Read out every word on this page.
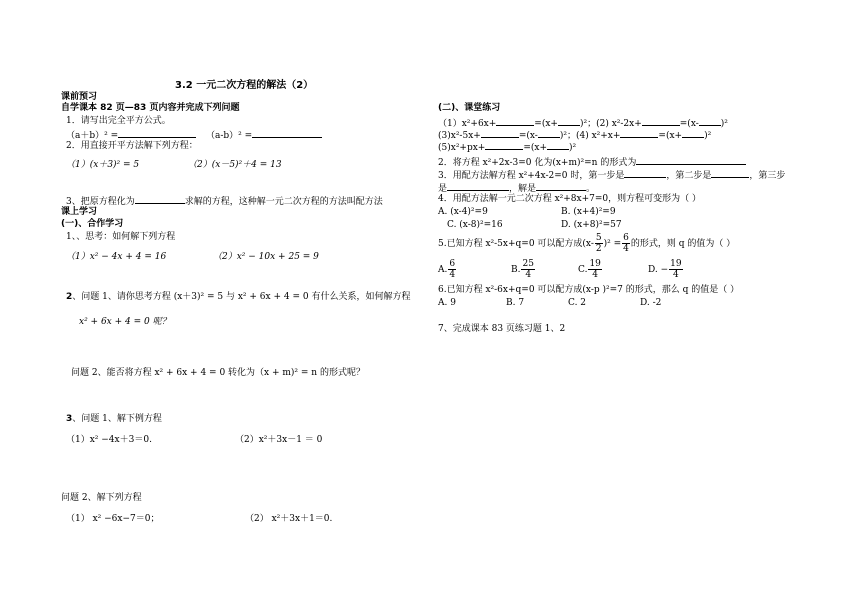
3.2 一元二次方程的解法（2）
课前预习
自学课本 82 页—83 页内容并完成下列问题
1．请写出完全平方公式。
（a＋b）² =	（a-b）² =
2．用直接开平方法解下列方程：
（1）(x＋3)² = 5	（2）(x－5)²＋4 = 13
3、把原方程化为	求解的方程，这种解一元二次方程的方法叫配方法
课上学习
(一)、合作学习
1、、思考：如何解下列方程
（1）x² − 4x + 4 = 16	（2）x² − 10x + 25 = 9
2、问题 1、请你思考方程 (x＋3)² = 5 与 x² + 6x + 4 = 0 有什么关系，如何解方程
x² + 6x + 4 = 0 呢？
问题 2、能否将方程 x² + 6x + 4 = 0 转化为（x + m)² = n 的形式呢？
3、问题 1、解下例方程
（1）x² −4x＋3＝0.	（2）x²＋3x－1 ＝ 0
问题 2、解下列方程
（1） x² −6x−7＝0；	（2） x²＋3x＋1＝0.
(二)、课堂练习
（1）x²+6x+	=(x+ )²；(2) x²-2x+	=(x- )²
(3)x²-5x+	=(x- )²；(4) x²+x+	=(x+ )²
(5)x²+px+	=(x+ )²
2．将方程 x²+2x-3=0 化为(x+m)²=n 的形式为
3．用配方法解方程 x²+4x-2=0 时，第一步是	，第二步是	，第三步
是	，解是	。
4．用配方法解一元二次方程 x²+8x+7=0，则方程可变形为（ ）
A. (x-4)²=9	B. (x+4)²=9
C. (x-8)²=16	D. (x+8)²=57
5.已知方程 x²-5x+q=0 可以配方成$(x- \frac{5}{2} )^2 = \frac{6}{4}$ 的形式，则 q 的值为（ ）
A. $\frac{6}{4}$	B. $\frac{25}{4}$	C. $\frac{19}{4}$	D. − $\frac{19}{4}$
6.已知方程 x²-6x+q=0 可以配方成(x-p )²=7 的形式，那么 q 的值是（ ）
A. 9	B. 7	C. 2	D. -2
7、完成课本 83 页练习题 1、2
